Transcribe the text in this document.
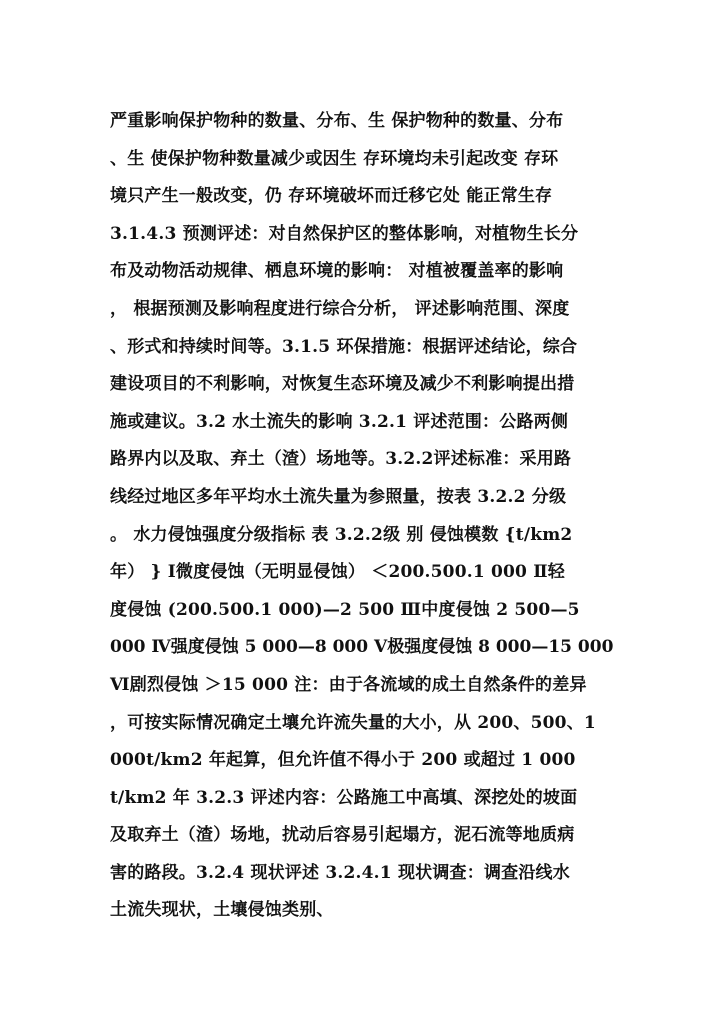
严重影响保护物种的数量、分布、生 保护物种的数量、分布
、生 使保护物种数量减少或因生 存环境均未引起改变 存环
境只产生一般改变，仍 存环境破坏而迁移它处 能正常生存
3.1.4.3 预测评述：对自然保护区的整体影响，对植物生长分
布及动物活动规律、栖息环境的影响： 对植被覆盖率的影响
， 根据预测及影响程度进行综合分析， 评述影响范围、深度
、形式和持续时间等。3.1.5 环保措施：根据评述结论，综合
建设项目的不利影响，对恢复生态环境及减少不利影响提出措
施或建议。3.2 水土流失的影响 3.2.1 评述范围：公路两侧
路界内以及取、弃土（渣）场地等。3.2.2评述标准：采用路
线经过地区多年平均水土流失量为参照量，按表 3.2.2 分级
。 水力侵蚀强度分级指标 表 3.2.2级 别 侵蚀模数 {t/km2
年） } Ⅰ微度侵蚀（无明显侵蚀） ＜200.500.1 000 Ⅱ轻
度侵蚀 (200.500.1 000)—2 500 Ⅲ中度侵蚀 2 500—5
000 Ⅳ强度侵蚀 5 000—8 000 Ⅴ极强度侵蚀 8 000—15 000
Ⅵ剧烈侵蚀 ＞15 000 注：由于各流域的成土自然条件的差异
，可按实际情况确定土壤允许流失量的大小，从 200、500、1
000t/km2 年起算，但允许值不得小于 200 或超过 1 000
t/km2 年 3.2.3 评述内容：公路施工中高填、深挖处的坡面
及取弃土（渣）场地，扰动后容易引起塌方，泥石流等地质病
害的路段。3.2.4 现状评述 3.2.4.1 现状调查：调查沿线水
土流失现状，土壤侵蚀类别、
